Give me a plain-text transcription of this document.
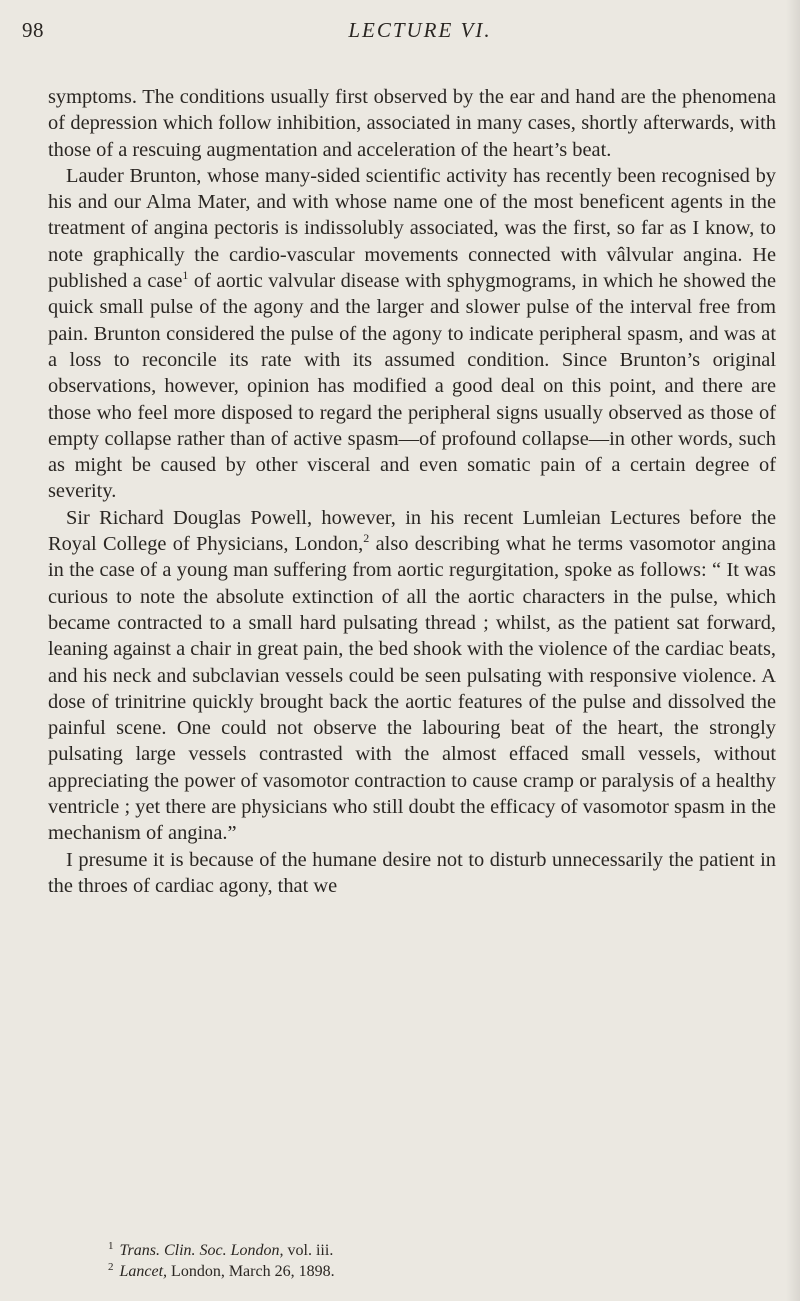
98	LECTURE VI.

symptoms. The conditions usually first observed by the ear and hand are the phenomena of depression which follow inhibition, associated in many cases, shortly afterwards, with those of a rescuing augmentation and acceleration of the heart’s beat.

Lauder Brunton, whose many-sided scientific activity has recently been recognised by his and our Alma Mater, and with whose name one of the most beneficent agents in the treatment of angina pectoris is indissolubly associated, was the first, so far as I know, to note graphically the cardio-vascular movements connected with vâlvular angina. He published a case$^1$ of aortic valvular disease with sphygmograms, in which he showed the quick small pulse of the agony and the larger and slower pulse of the interval free from pain. Brunton considered the pulse of the agony to indicate peripheral spasm, and was at a loss to reconcile its rate with its assumed condition. Since Brunton’s original observations, however, opinion has modified a good deal on this point, and there are those who feel more disposed to regard the peripheral signs usually observed as those of empty collapse rather than of active spasm—of profound collapse—in other words, such as might be caused by other visceral and even somatic pain of a certain degree of severity.

Sir Richard Douglas Powell, however, in his recent Lumleian Lectures before the Royal College of Physicians, London,$^2$ also describing what he terms vasomotor angina in the case of a young man suffering from aortic regurgitation, spoke as follows: “ It was curious to note the absolute extinction of all the aortic characters in the pulse, which became contracted to a small hard pulsating thread ; whilst, as the patient sat forward, leaning against a chair in great pain, the bed shook with the violence of the cardiac beats, and his neck and subclavian vessels could be seen pulsating with responsive violence. A dose of trinitrine quickly brought back the aortic features of the pulse and dissolved the painful scene. One could not observe the labouring beat of the heart, the strongly pulsating large vessels contrasted with the almost effaced small vessels, without appreciating the power of vasomotor contraction to cause cramp or paralysis of a healthy ventricle ; yet there are physicians who still doubt the efficacy of vasomotor spasm in the mechanism of angina.”

I presume it is because of the humane desire not to disturb unnecessarily the patient in the throes of cardiac agony, that we

$^1$ Trans. Clin. Soc. London, vol. iii.
$^2$ Lancet, London, March 26, 1898.
